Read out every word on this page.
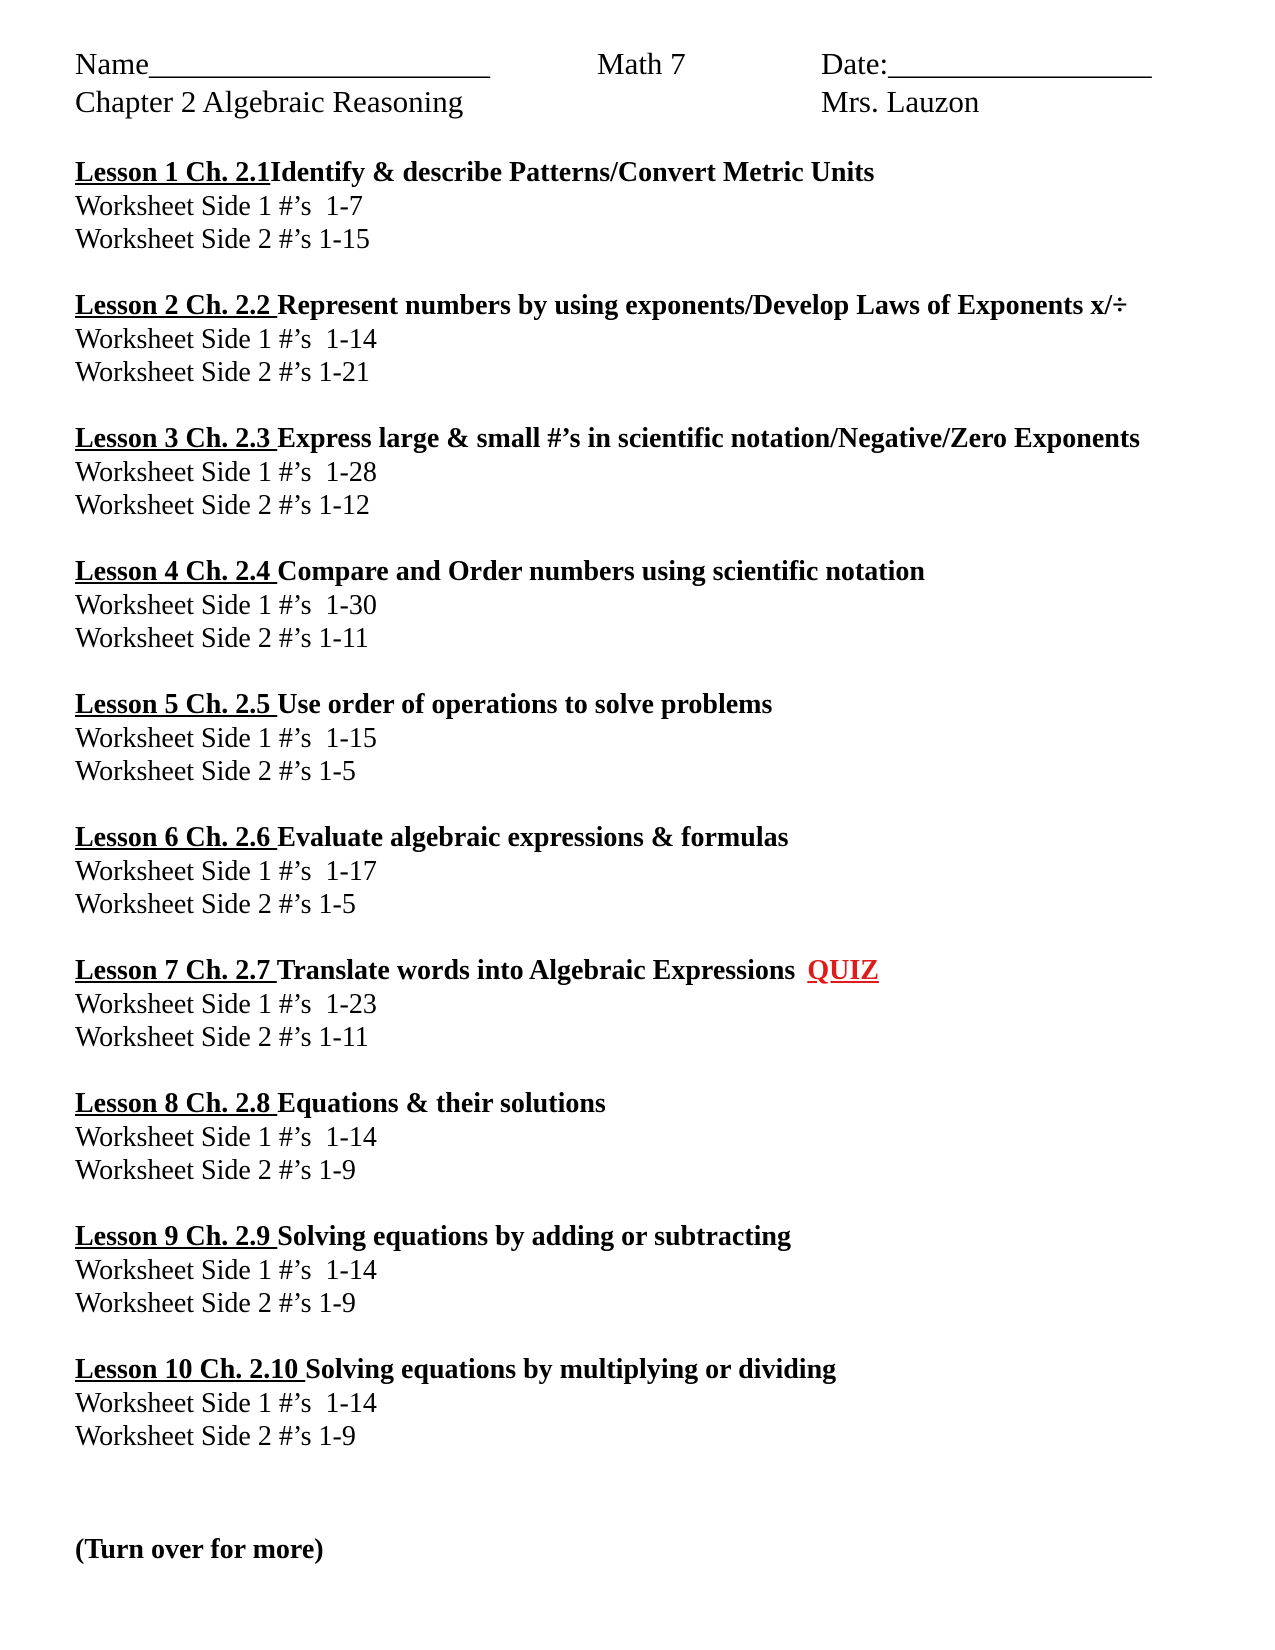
Name______________________	Math 7	Date:_________________
Chapter 2 Algebraic Reasoning	Mrs. Lauzon
Lesson 1 Ch. 2.1Identify & describe Patterns/Convert Metric Units
Worksheet Side 1 #’s  1-7
Worksheet Side 2 #’s 1-15
Lesson 2 Ch. 2.2 Represent numbers by using exponents/Develop Laws of Exponents x/÷
Worksheet Side 1 #’s  1-14
Worksheet Side 2 #’s 1-21
Lesson 3 Ch. 2.3 Express large & small #’s in scientific notation/Negative/Zero Exponents
Worksheet Side 1 #’s  1-28
Worksheet Side 2 #’s 1-12
Lesson 4 Ch. 2.4 Compare and Order numbers using scientific notation
Worksheet Side 1 #’s  1-30
Worksheet Side 2 #’s 1-11
Lesson 5 Ch. 2.5 Use order of operations to solve problems
Worksheet Side 1 #’s  1-15
Worksheet Side 2 #’s 1-5
Lesson 6 Ch. 2.6 Evaluate algebraic expressions & formulas
Worksheet Side 1 #’s  1-17
Worksheet Side 2 #’s 1-5
Lesson 7 Ch. 2.7 Translate words into Algebraic Expressions QUIZ
Worksheet Side 1 #’s  1-23
Worksheet Side 2 #’s 1-11
Lesson 8 Ch. 2.8 Equations & their solutions
Worksheet Side 1 #’s  1-14
Worksheet Side 2 #’s 1-9
Lesson 9 Ch. 2.9 Solving equations by adding or subtracting
Worksheet Side 1 #’s  1-14
Worksheet Side 2 #’s 1-9
Lesson 10 Ch. 2.10 Solving equations by multiplying or dividing
Worksheet Side 1 #’s  1-14
Worksheet Side 2 #’s 1-9
(Turn over for more)
